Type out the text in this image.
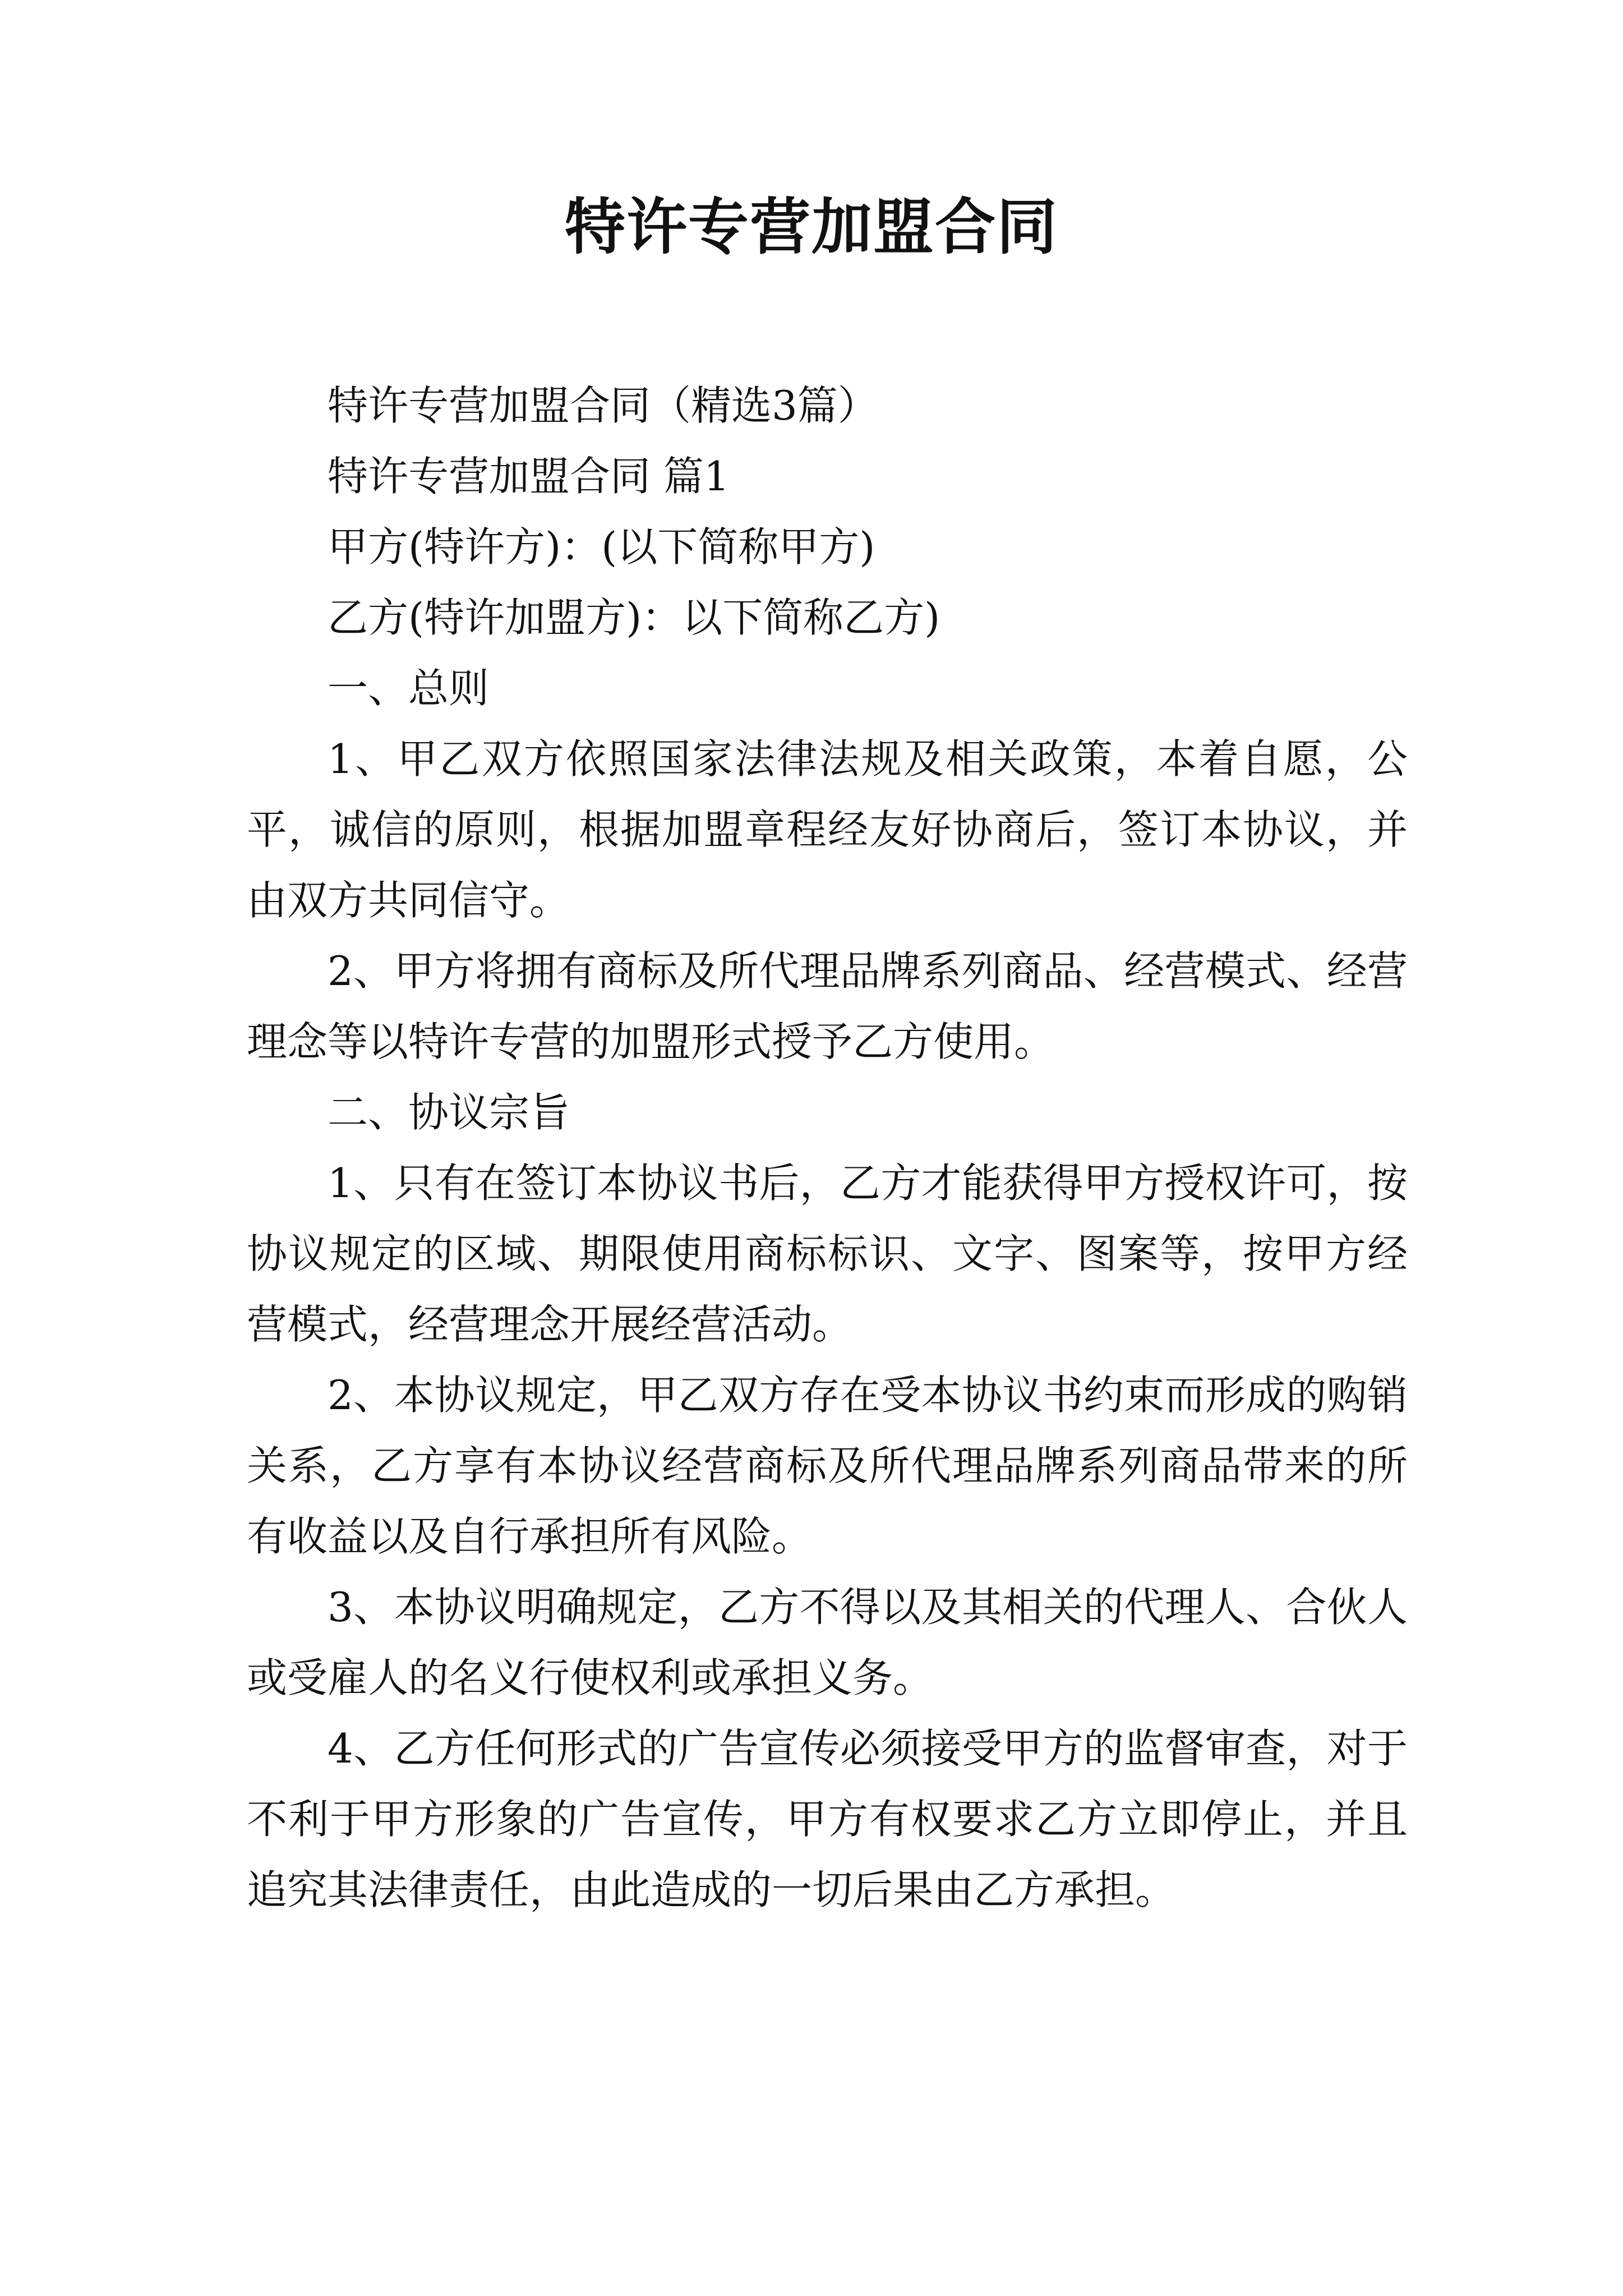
特许专营加盟合同

特许专营加盟合同（精选3篇）

特许专营加盟合同 篇1

甲方(特许方)：(以下简称甲方)

乙方(特许加盟方)：以下简称乙方)

一、总则

1、甲乙双方依照国家法律法规及相关政策，本着自愿，公平，诚信的原则，根据加盟章程经友好协商后，签订本协议，并由双方共同信守。

2、甲方将拥有商标及所代理品牌系列商品、经营模式、经营理念等以特许专营的加盟形式授予乙方使用。

二、协议宗旨

1、只有在签订本协议书后，乙方才能获得甲方授权许可，按协议规定的区域、期限使用商标标识、文字、图案等，按甲方经营模式，经营理念开展经营活动。

2、本协议规定，甲乙双方存在受本协议书约束而形成的购销关系，乙方享有本协议经营商标及所代理品牌系列商品带来的所有收益以及自行承担所有风险。

3、本协议明确规定，乙方不得以及其相关的代理人、合伙人或受雇人的名义行使权利或承担义务。

4、乙方任何形式的广告宣传必须接受甲方的监督审查，对于不利于甲方形象的广告宣传，甲方有权要求乙方立即停止，并且追究其法律责任，由此造成的一切后果由乙方承担。
